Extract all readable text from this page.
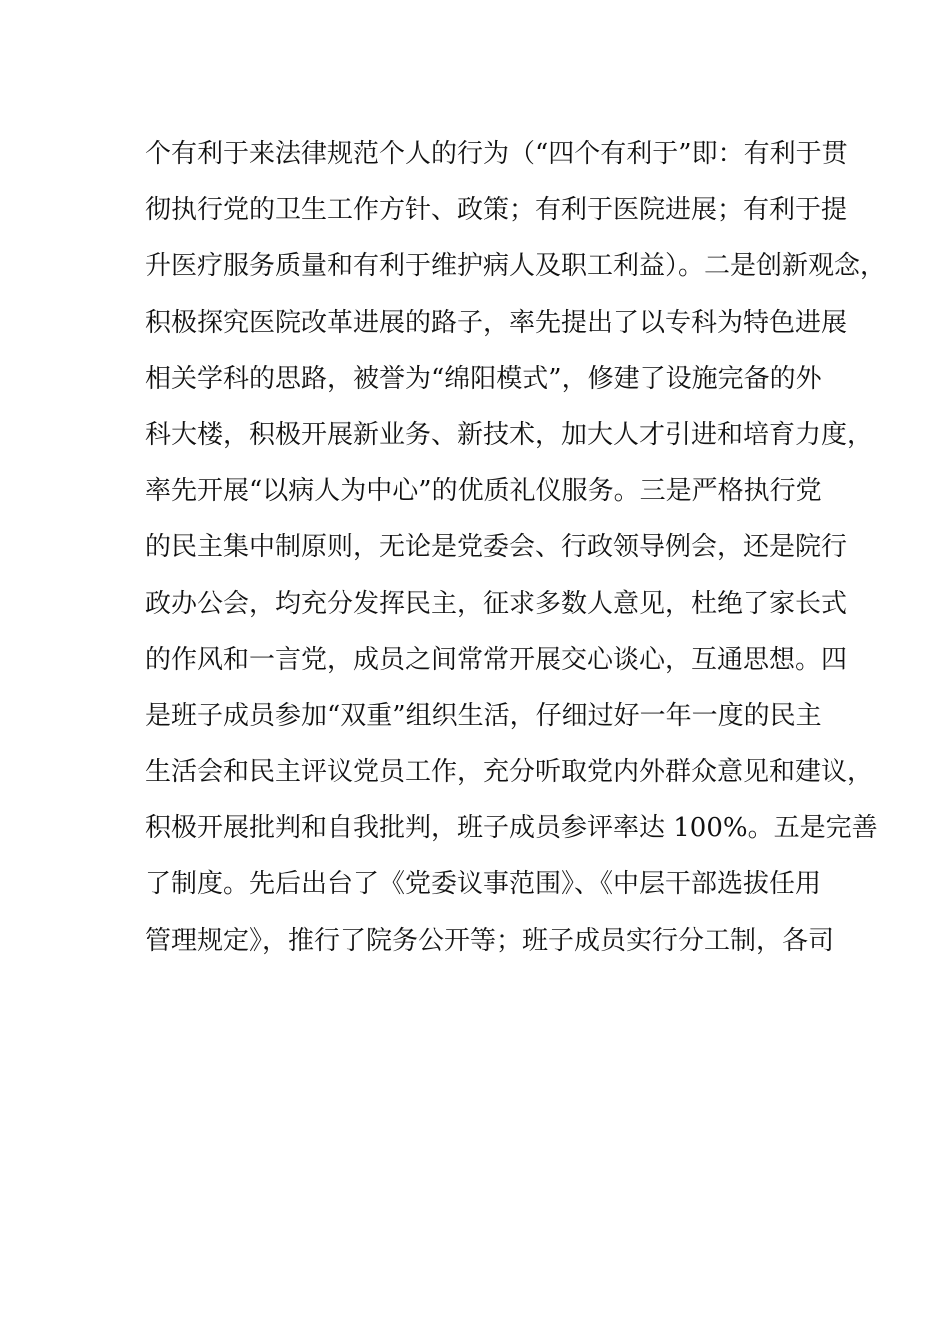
个有利于来法律规范个人的行为（“四个有利于”即：有利于贯
彻执行党的卫生工作方针、政策；有利于医院进展；有利于提
升医疗服务质量和有利于维护病人及职工利益）。二是创新观念，
积极探究医院改革进展的路子，率先提出了以专科为特色进展
相关学科的思路，被誉为“绵阳模式”，修建了设施完备的外
科大楼，积极开展新业务、新技术，加大人才引进和培育力度，
率先开展“以病人为中心”的优质礼仪服务。三是严格执行党
的民主集中制原则，无论是党委会、行政领导例会，还是院行
政办公会，均充分发挥民主，征求多数人意见，杜绝了家长式
的作风和一言党，成员之间常常开展交心谈心，互通思想。四
是班子成员参加“双重”组织生活，仔细过好一年一度的民主
生活会和民主评议党员工作，充分听取党内外群众意见和建议，
积极开展批判和自我批判，班子成员参评率达 100%。五是完善
了制度。先后出台了《党委议事范围》、《中层干部选拔任用
管理规定》，推行了院务公开等；班子成员实行分工制，各司
